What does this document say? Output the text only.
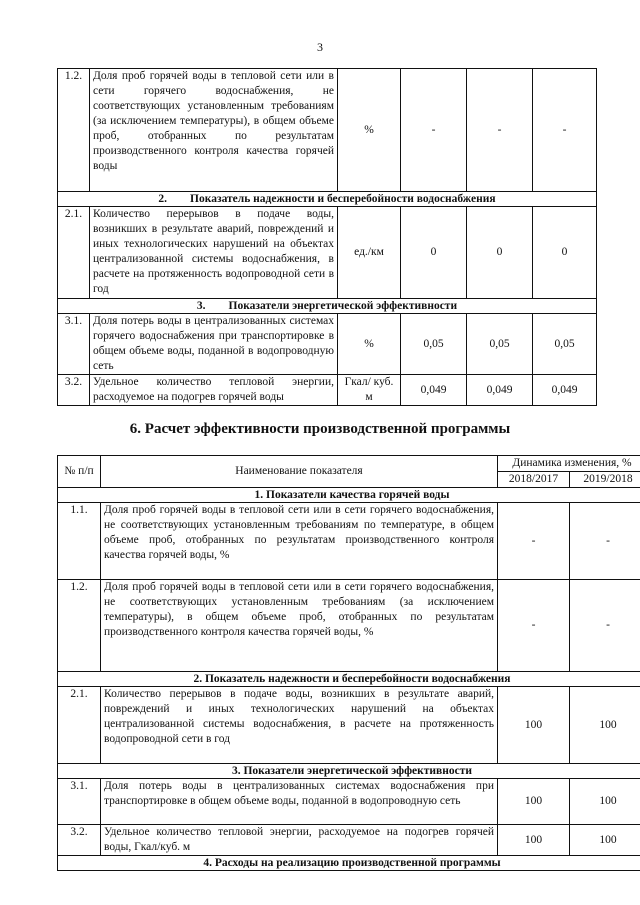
3
1.2.	Доля проб горячей воды в тепловой сети или в сети горячего водоснабжения, не соответствующих установленным требованиям (за исключением температуры), в общем объеме проб, отобранных по результатам производственного контроля качества горячей воды	%	-	-	-
2.        Показатель надежности и бесперебойности водоснабжения					
2.1.	Количество перерывов в подаче воды, возникших в результате аварий, повреждений и иных технологических нарушений на объектах централизованной системы водоснабжения, в расчете на протяженность водопроводной сети в год	ед./км	0	0	0
3.        Показатели энергетической эффективности					
3.1.	Доля потерь воды в централизованных системах горячего водоснабжения при транспортировке в общем объеме воды, поданной в водопроводную сеть	%	0,05	0,05	0,05
3.2.	Удельное количество тепловой энергии, расходуемое на подогрев горячей воды	Гкал/ куб. м	0,049	0,049	0,049
6. Расчет эффективности производственной программы
№ п/п	Наименование показателя	Динамика изменения, %	
		2018/2017	2019/2018
1. Показатели качества горячей воды			
1.1.	Доля проб горячей воды в тепловой сети или в сети горячего водоснабжения, не соответствующих установленным требованиям по температуре, в общем объеме проб, отобранных по результатам производственного контроля качества горячей воды, %	-	-
1.2.	Доля проб горячей воды в тепловой сети или в сети горячего водоснабжения, не соответствующих установленным требованиям (за исключением температуры), в общем объеме проб, отобранных по результатам производственного контроля качества горячей воды, %	-	-
2. Показатель надежности и бесперебойности водоснабжения			
2.1.	Количество перерывов в подаче воды, возникших в результате аварий, повреждений и иных технологических нарушений на объектах централизованной системы водоснабжения, в расчете на протяженность водопроводной сети в год	100	100
3. Показатели энергетической эффективности			
3.1.	Доля потерь воды в централизованных системах водоснабжения при транспортировке в общем объеме воды, поданной в водопроводную сеть	100	100
3.2.	Удельное количество тепловой энергии, расходуемое на подогрев горячей воды, Гкал/куб. м	100	100
4. Расходы на реализацию производственной программы			
